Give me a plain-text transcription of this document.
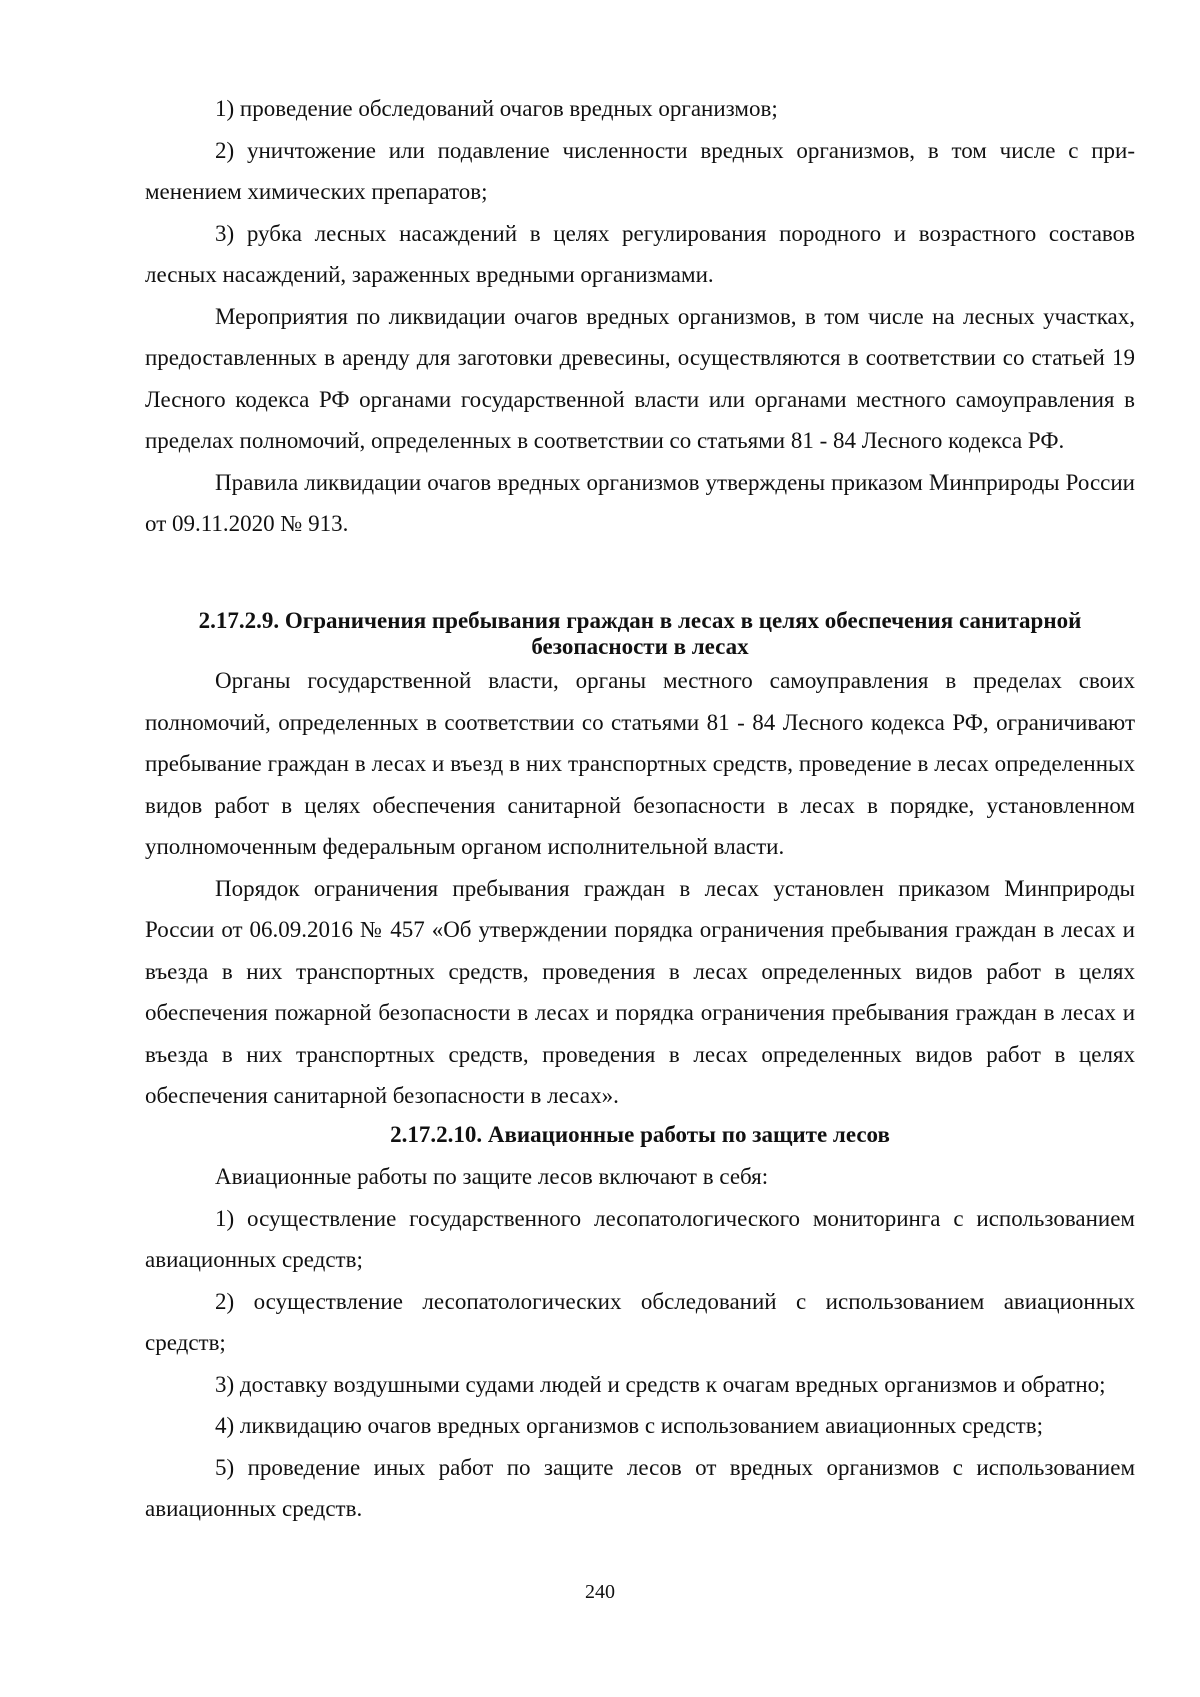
1) проведение обследований очагов вредных организмов;

2) уничтожение или подавление численности вредных организмов, в том числе с применением химических препаратов;

3) рубка лесных насаждений в целях регулирования породного и возрастного составов лесных насаждений, зараженных вредными организмами.

Мероприятия по ликвидации очагов вредных организмов, в том числе на лесных участках, предоставленных в аренду для заготовки древесины, осуществляются в соответствии со статьей 19 Лесного кодекса РФ органами государственной власти или органами местного самоуправления в пределах полномочий, определенных в соответствии со статьями 81 - 84 Лесного кодекса РФ.

Правила ликвидации очагов вредных организмов утверждены приказом Минприроды России от 09.11.2020 № 913.

2.17.2.9. Ограничения пребывания граждан в лесах в целях обеспечения санитарной

безопасности в лесах

Органы государственной власти, органы местного самоуправления в пределах своих полномочий, определенных в соответствии со статьями 81 - 84 Лесного кодекса РФ, ограничивают пребывание граждан в лесах и въезд в них транспортных средств, проведение в лесах определенных видов работ в целях обеспечения санитарной безопасности в лесах в порядке, установленном уполномоченным федеральным органом исполнительной власти.

Порядок ограничения пребывания граждан в лесах установлен приказом Минприроды России от 06.09.2016 № 457 «Об утверждении порядка ограничения пребывания граждан в лесах и въезда в них транспортных средств, проведения в лесах определенных видов работ в целях обеспечения пожарной безопасности в лесах и порядка ограничения пребывания граждан в лесах и въезда в них транспортных средств, проведения в лесах определенных видов работ в целях обеспечения санитарной безопасности в лесах».

2.17.2.10. Авиационные работы по защите лесов

Авиационные работы по защите лесов включают в себя:

1) осуществление государственного лесопатологического мониторинга с использованием авиационных средств;

2) осуществление лесопатологических обследований с использованием авиационных средств;

3) доставку воздушными судами людей и средств к очагам вредных организмов и обратно;

4) ликвидацию очагов вредных организмов с использованием авиационных средств;

5) проведение иных работ по защите лесов от вредных организмов с использованием авиационных средств.

240
